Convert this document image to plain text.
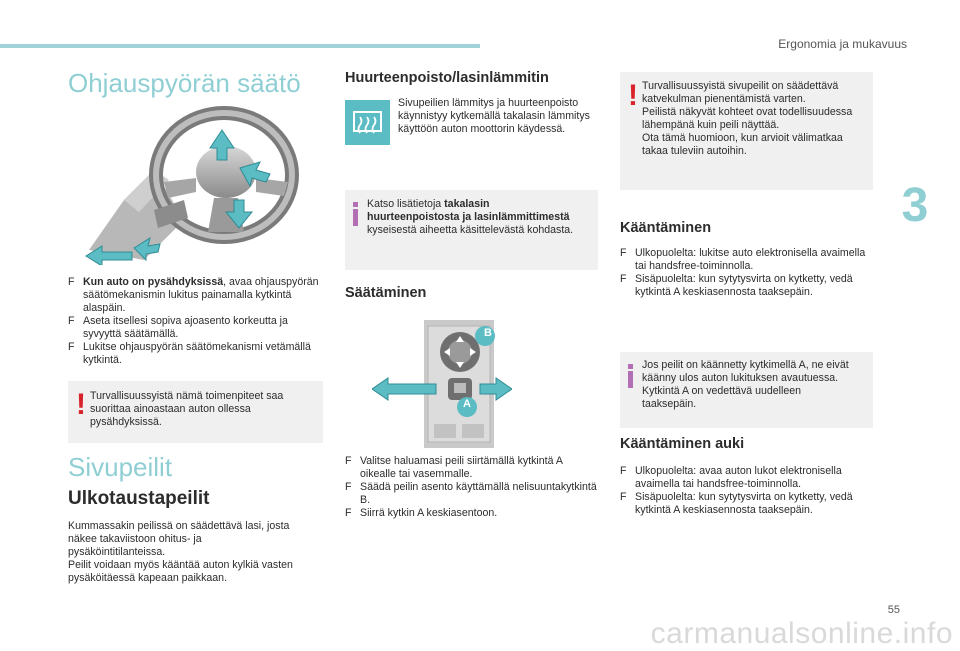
Ergonomia ja mukavuus
3
55
carmanualsonline.info
Ohjauspyörän säätö
F Kun auto on pysähdyksissä, avaa ohjauspyörän säätömekanismin lukitus painamalla kytkintä alaspäin.
F Aseta itsellesi sopiva ajoasento korkeutta ja syvyyttä säätämällä.
F Lukitse ohjauspyörän säätömekanismi vetämällä kytkintä.
! Turvallisuussyistä nämä toimenpiteet saa suorittaa ainoastaan auton ollessa pysähdyksissä.
Sivupeilit
Ulkotaustapeilit
Kummassakin peilissä on säädettävä lasi, josta näkee takaviistoon ohitus- ja pysäköintitilanteissa.
Peilit voidaan myös kääntää auton kylkiä vasten pysäköitäessä kapeaan paikkaan.
Huurteenpoisto/lasinlämmitin
Sivupeilien lämmitys ja huurteenpoisto käynnistyy kytkemällä takalasin lämmitys käyttöön auton moottorin käydessä.
Katso lisätietoja takalasin huurteenpoistosta ja lasinlämmittimestä kyseisestä aiheetta käsittelevästä kohdasta.
Säätäminen
B
A
F Valitse haluamasi peili siirtämällä kytkintä A oikealle tai vasemmalle.
F Säädä peilin asento käyttämällä nelisuuntakytkintä B.
F Siirrä kytkin A keskiasentoon.
! Turvallisuussyistä sivupeilit on säädettävä katvekulman pienentämistä varten.
Peilistä näkyvät kohteet ovat todellisuudessa lähempänä kuin peili näyttää.
Ota tämä huomioon, kun arvioit välimatkaa takaa tuleviin autoihin.
Kääntäminen
F Ulkopuolelta: lukitse auto elektronisella avaimella tai handsfree-toiminnolla.
F Sisäpuolelta: kun sytytysvirta on kytketty, vedä kytkintä A keskiasennosta taaksepäin.
Jos peilit on käännetty kytkimellä A, ne eivät käänny ulos auton lukituksen avautuessa. Kytkintä A on vedettävä uudelleen taaksepäin.
Kääntäminen auki
F Ulkopuolelta: avaa auton lukot elektronisella avaimella tai handsfree-toiminnolla.
F Sisäpuolelta: kun sytytysvirta on kytketty, vedä kytkintä A keskiasennosta taaksepäin.
